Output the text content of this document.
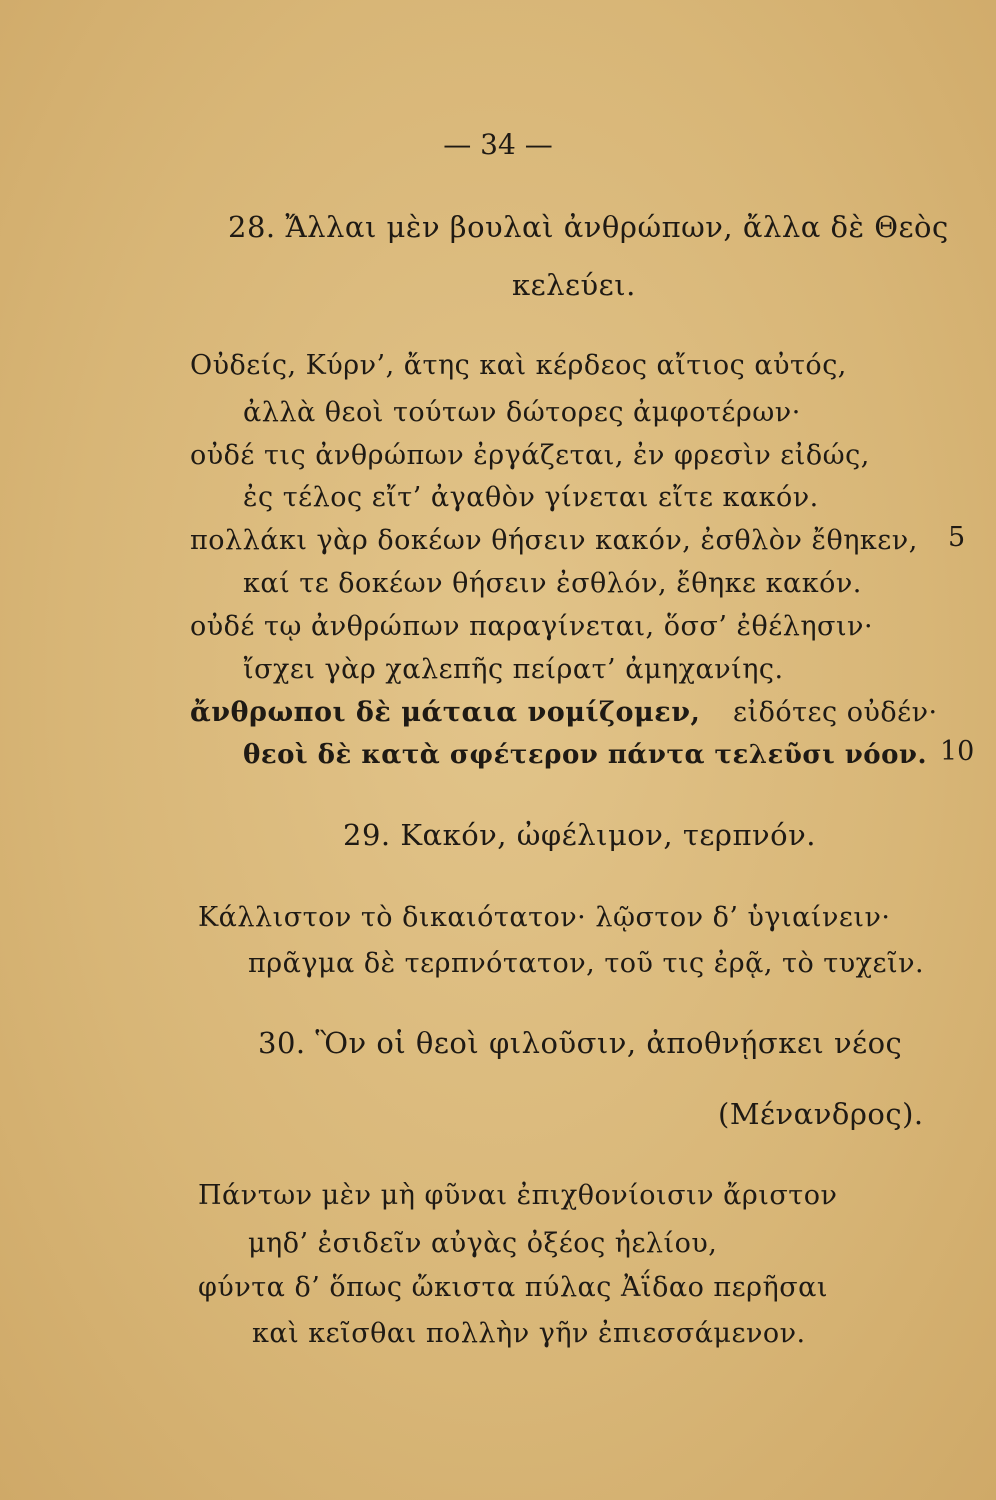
— 34 —
28. Ἄλλαι μὲν βουλαὶ ἀνθρώπων, ἄλλα δὲ Θεὸς
κελεύει.
Οὐδείς, Κύρν’, ἄτης καὶ κέρδεος αἴτιος αὐτός,
ἀλλὰ θεοὶ τούτων δώτορες ἀμφοτέρων·
οὐδέ τις ἀνθρώπων ἐργάζεται, ἐν φρεσὶν εἰδώς,
ἐς τέλος εἴτ’ ἀγαθὸν γίνεται εἴτε κακόν.
πολλάκι γὰρ δοκέων θήσειν κακόν, ἐσθλὸν ἔθηκεν, 5
καί τε δοκέων θήσειν ἐσθλόν, ἔθηκε κακόν.
οὐδέ τῳ ἀνθρώπων παραγίνεται, ὅσσ’ ἐθέλησιν·
ἴσχει γὰρ χαλεπῆς πείρατ’ ἀμηχανίης.
ἄνθρωποι δὲ μάταια νομίζομεν, εἰδότες οὐδέν·
θεοὶ δὲ κατὰ σφέτερον πάντα τελεῦσι νόον. 10
29. Κακόν, ὠφέλιμον, τερπνόν.
Κάλλιστον τὸ δικαιότατον· λῷστον δ’ ὑγιαίνειν·
πρᾶγμα δὲ τερπνότατον, τοῦ τις ἐρᾷ, τὸ τυχεῖν.
30. Ὃν οἱ θεοὶ φιλοῦσιν, ἀποθνῄσκει νέος
(Μένανδρος).
Πάντων μὲν μὴ φῦναι ἐπιχθονίοισιν ἄριστον
μηδ’ ἐσιδεῖν αὐγὰς ὀξέος ἠελίου,
φύντα δ’ ὅπως ὤκιστα πύλας Ἀΐδαο περῆσαι
καὶ κεῖσθαι πολλὴν γῆν ἐπιεσσάμενον.
